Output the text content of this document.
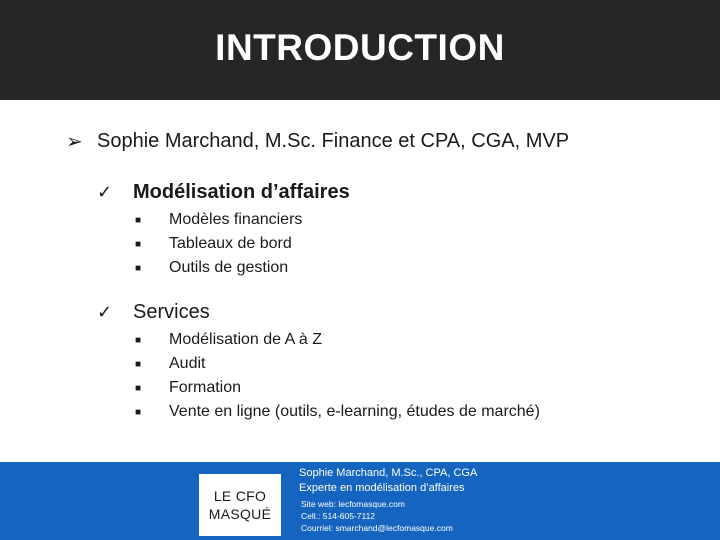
INTRODUCTION
➢ Sophie Marchand, M.Sc. Finance et CPA, CGA, MVP
✓	Modélisation d’affaires
■	Modèles financiers
■	Tableaux de bord
■	Outils de gestion
✓	Services
■	Modélisation de A à Z
■	Audit
■	Formation
■	Vente en ligne (outils, e-learning, études de marché)
LE CFO
MASQUÉ
Sophie Marchand, M.Sc., CPA, CGA
Experte en modélisation d’affaires
Site web: lecfomasque.com
Cell.: 514-605-7112
Courriel: smarchand@lecfomasque.com
